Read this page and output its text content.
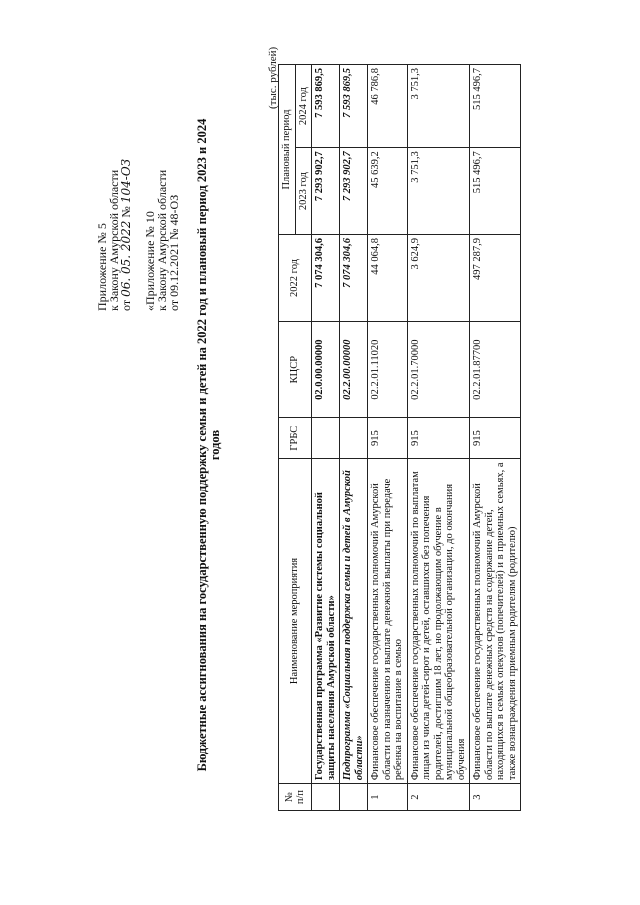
Приложение № 5
к Закону Амурской области
от 06. 05. 2022 № 104-ОЗ
«Приложение № 10
к Закону Амурской области
от 09.12.2021 № 48-ОЗ Бюджетные ассигнования на государственную поддержку семьи и детей на 2022 год и плановый период 2023 и 2024 годов
(тыс. рублей)
№ п/п	Наименование мероприятия	ГРБС	КЦСР	2022 год	Плановый период	
					2023 год	2024 год
	Государственная программа «Развитие системы социальной защиты населения Амурской области»		02.0.00.00000	7 074 304,6	7 293 902,7	7 593 869,5
	Подпрограмма «Социальная поддержка семьи и детей в Амурской области»		02.2.00.00000	7 074 304,6	7 293 902,7	7 593 869,5
1	Финансовое обеспечение государственных полномочий Амурской области по назначению и выплате денежной выплаты при передаче ребенка на воспитание в семью	915	02.2.01.11020	44 064,8	45 639,2	46 786,8
2	Финансовое обеспечение государственных полномочий по выплатам лицам из числа детей-сирот и детей, оставшихся без попечения родителей, достигшим 18 лет, но продолжающим обучение в муниципальной общеобразовательной организации, до окончания обучения	915	02.2.01.70000	3 624,9	3 751,3	3 751,3
3	Финансовое обеспечение государственных полномочий Амурской области по выплате денежных средств на содержание детей, находящихся в семьях опекунов (попечителей) и в приемных семьях, а также вознаграждения приемным родителям (родителю)	915	02.2.01.87700	497 287,9	515 496,7	515 496,7
